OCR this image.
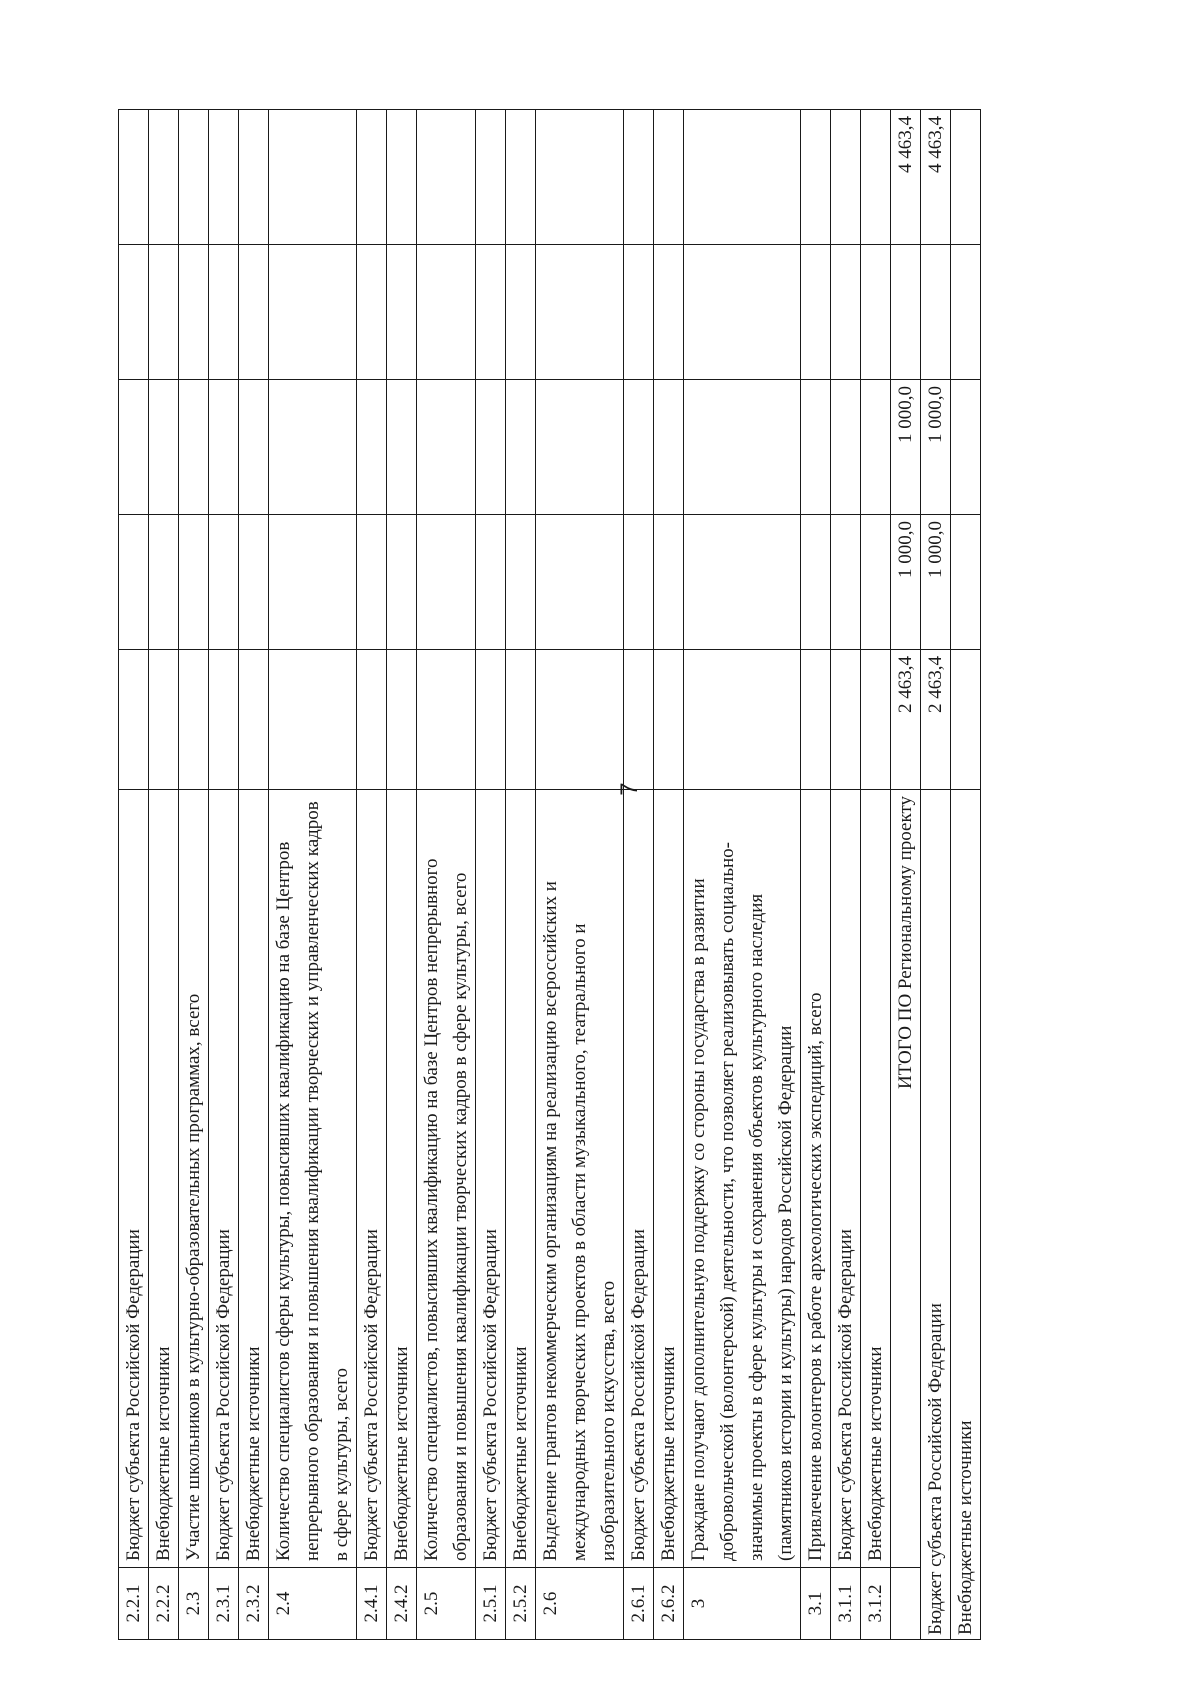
2.2.1	Бюджет субъекта Российской Федерации					
2.2.2	Внебюджетные источники					
2.3	Участие школьников в культурно-образовательных программах, всего					
2.3.1	Бюджет субъекта Российской Федерации					
2.3.2	Внебюджетные источники					
2.4	Количество специалистов сферы культуры, повысивших квалификацию на базе Центров непрерывного образования и повышения квалификации творческих и управленческих кадров в сфере культуры, всего					
2.4.1	Бюджет субъекта Российской Федерации					
2.4.2	Внебюджетные источники					
2.5	Количество специалистов, повысивших квалификацию на базе Центров непрерывного образования и повышения квалификации творческих кадров в сфере культуры, всего					
2.5.1	Бюджет субъекта Российской Федерации					
2.5.2	Внебюджетные источники					
2.6	Выделение грантов некоммерческим организациям на реализацию всероссийских и международных творческих проектов в области музыкального, театрального и изобразительного искусства, всего					
2.6.1	Бюджет субъекта Российской Федерации					
2.6.2	Внебюджетные источники					
3	Граждане получают дополнительную поддержку со стороны государства в развитии добровольческой (волонтерской) деятельности, что позволяет реализовывать социально-значимые проекты в сфере культуры и сохранения объектов культурного наследия (памятников истории и культуры) народов Российской Федерации					
3.1	Привлечение волонтеров к работе археологических экспедиций, всего					
3.1.1	Бюджет субъекта Российской Федерации					
3.1.2	Внебюджетные источники					
	ИТОГО ПО Региональному проекту	2 463,4	1 000,0	1 000,0		4 463,4
Бюджет субъекта Российской Федерации		2 463,4	1 000,0	1 000,0		4 463,4
Внебюджетные источники						
7
